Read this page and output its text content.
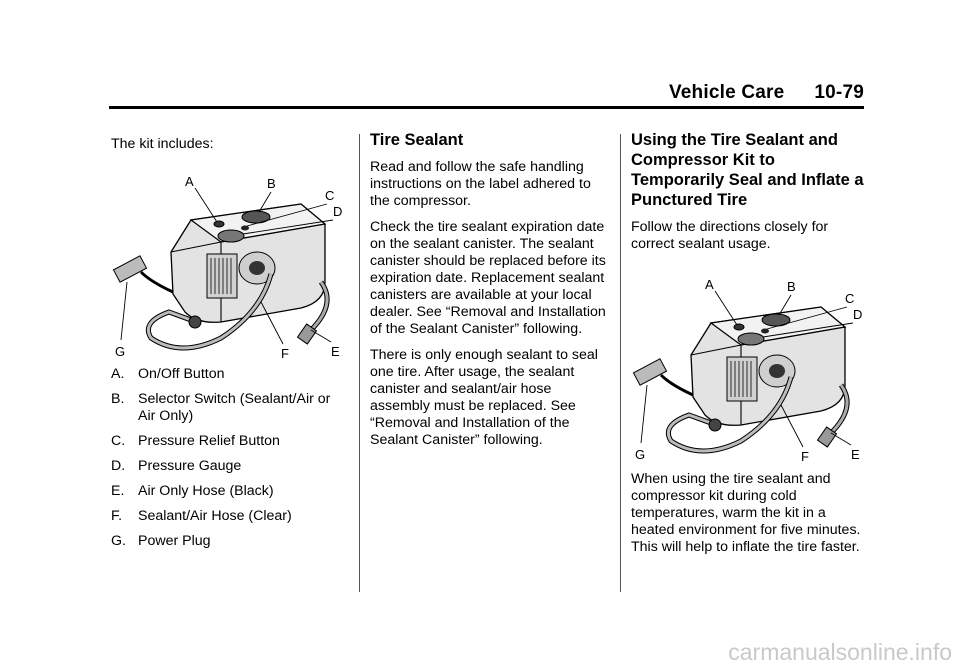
Vehicle Care 10-79

The kit includes:

A	B
C
D
E
F
G
A. On/Off Button
B. Selector Switch (Sealant/Air or Air Only)
C. Pressure Relief Button
D. Pressure Gauge
E. Air Only Hose (Black)
F.	Sealant/Air Hose (Clear)
G. Power Plug
Tire Sealant

Read and follow the safe handling instructions on the label adhered to the compressor.

Check the tire sealant expiration date on the sealant canister. The sealant canister should be replaced before its expiration date. Replacement sealant canisters are available at your local dealer. See “Removal and Installation of the Sealant Canister” following.

There is only enough sealant to seal one tire. After usage, the sealant canister and sealant/air hose assembly must be replaced. See “Removal and Installation of the Sealant Canister” following.

Using the Tire Sealant and Compressor Kit to Temporarily Seal and Inflate a Punctured Tire

Follow the directions closely for correct sealant usage.

A	B
C
D
E
F
G

When using the tire sealant and compressor kit during cold temperatures, warm the kit in a heated environment for five minutes. This will help to inflate the tire faster.

carmanualsonline.info
